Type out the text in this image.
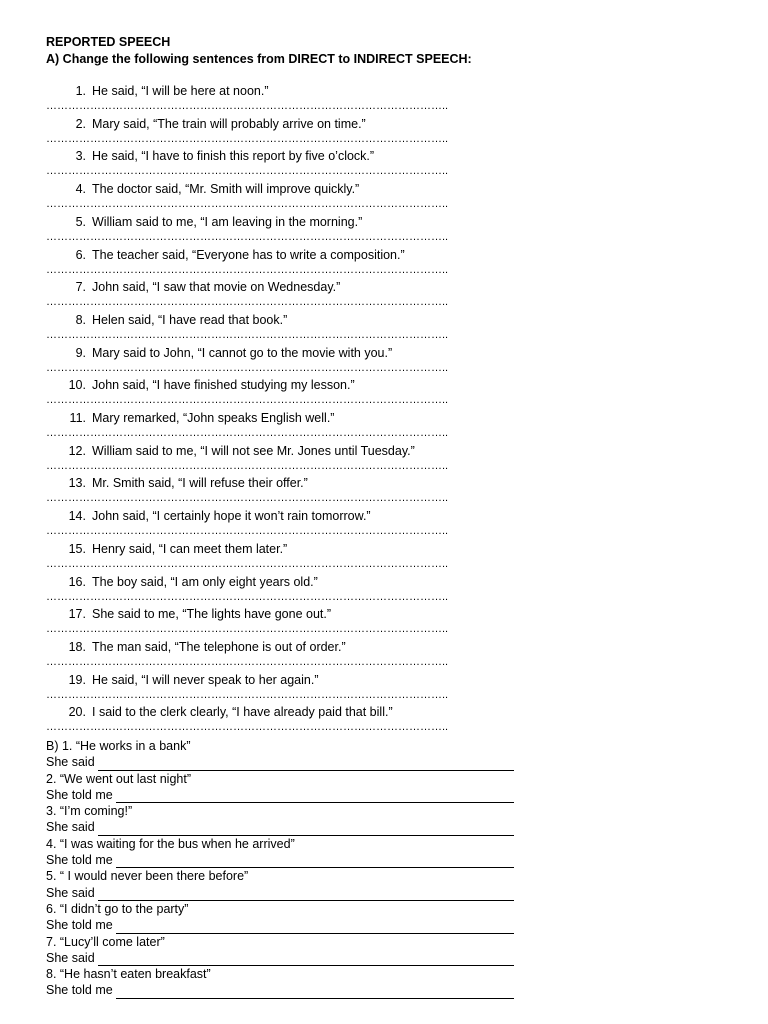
REPORTED SPEECH
A) Change the following sentences from DIRECT to INDIRECT SPEECH:
1. He said, “I will be here at noon.”
………………………………………………………………………………………………..
2. Mary said, “The train will probably arrive on time.”
………………………………………………………………………………………………..
3. He said, “I have to finish this report by five o’clock.”
………………………………………………………………………………………………..
4. The doctor said, “Mr. Smith will improve quickly.”
………………………………………………………………………………………………..
5. William said to me, “I am leaving in the morning.”
………………………………………………………………………………………………..
6. The teacher said, “Everyone has to write a composition.”
………………………………………………………………………………………………..
7. John said, “I saw that movie on Wednesday.”
………………………………………………………………………………………………..
8. Helen said, “I have read that book.”
………………………………………………………………………………………………..
9. Mary said to John, “I cannot go to the movie with you.”
………………………………………………………………………………………………..
10. John said, “I have finished studying my lesson.”
………………………………………………………………………………………………..
11. Mary remarked, “John speaks English well.”
………………………………………………………………………………………………..
12. William said to me, “I will not see Mr. Jones until Tuesday.”
………………………………………………………………………………………………..
13. Mr. Smith said, “I will refuse their offer.”
………………………………………………………………………………………………..
14. John said, “I certainly hope it won’t rain tomorrow.”
………………………………………………………………………………………………..
15. Henry said, “I can meet them later.”
………………………………………………………………………………………………..
16. The boy said, “I am only eight years old.”
………………………………………………………………………………………………..
17. She said to me, “The lights have gone out.”
………………………………………………………………………………………………..
18. The man said, “The telephone is out of order.”
………………………………………………………………………………………………..
19. He said, “I will never speak to her again.”
………………………………………………………………………………………………..
20. I said to the clerk clearly, “I have already paid that bill.”
………………………………………………………………………………………………..
B) 1. “He works in a bank”
She said
2. “We went out last night”
She told me
3. “I’m coming!”
She said
4. “I was waiting for the bus when he arrived”
She told me
5. “ I would never been there before”
She said
6. “I didn’t go to the party”
She told me
7. “Lucy’ll come later”
She said
8. “He hasn’t eaten breakfast”
She told me
